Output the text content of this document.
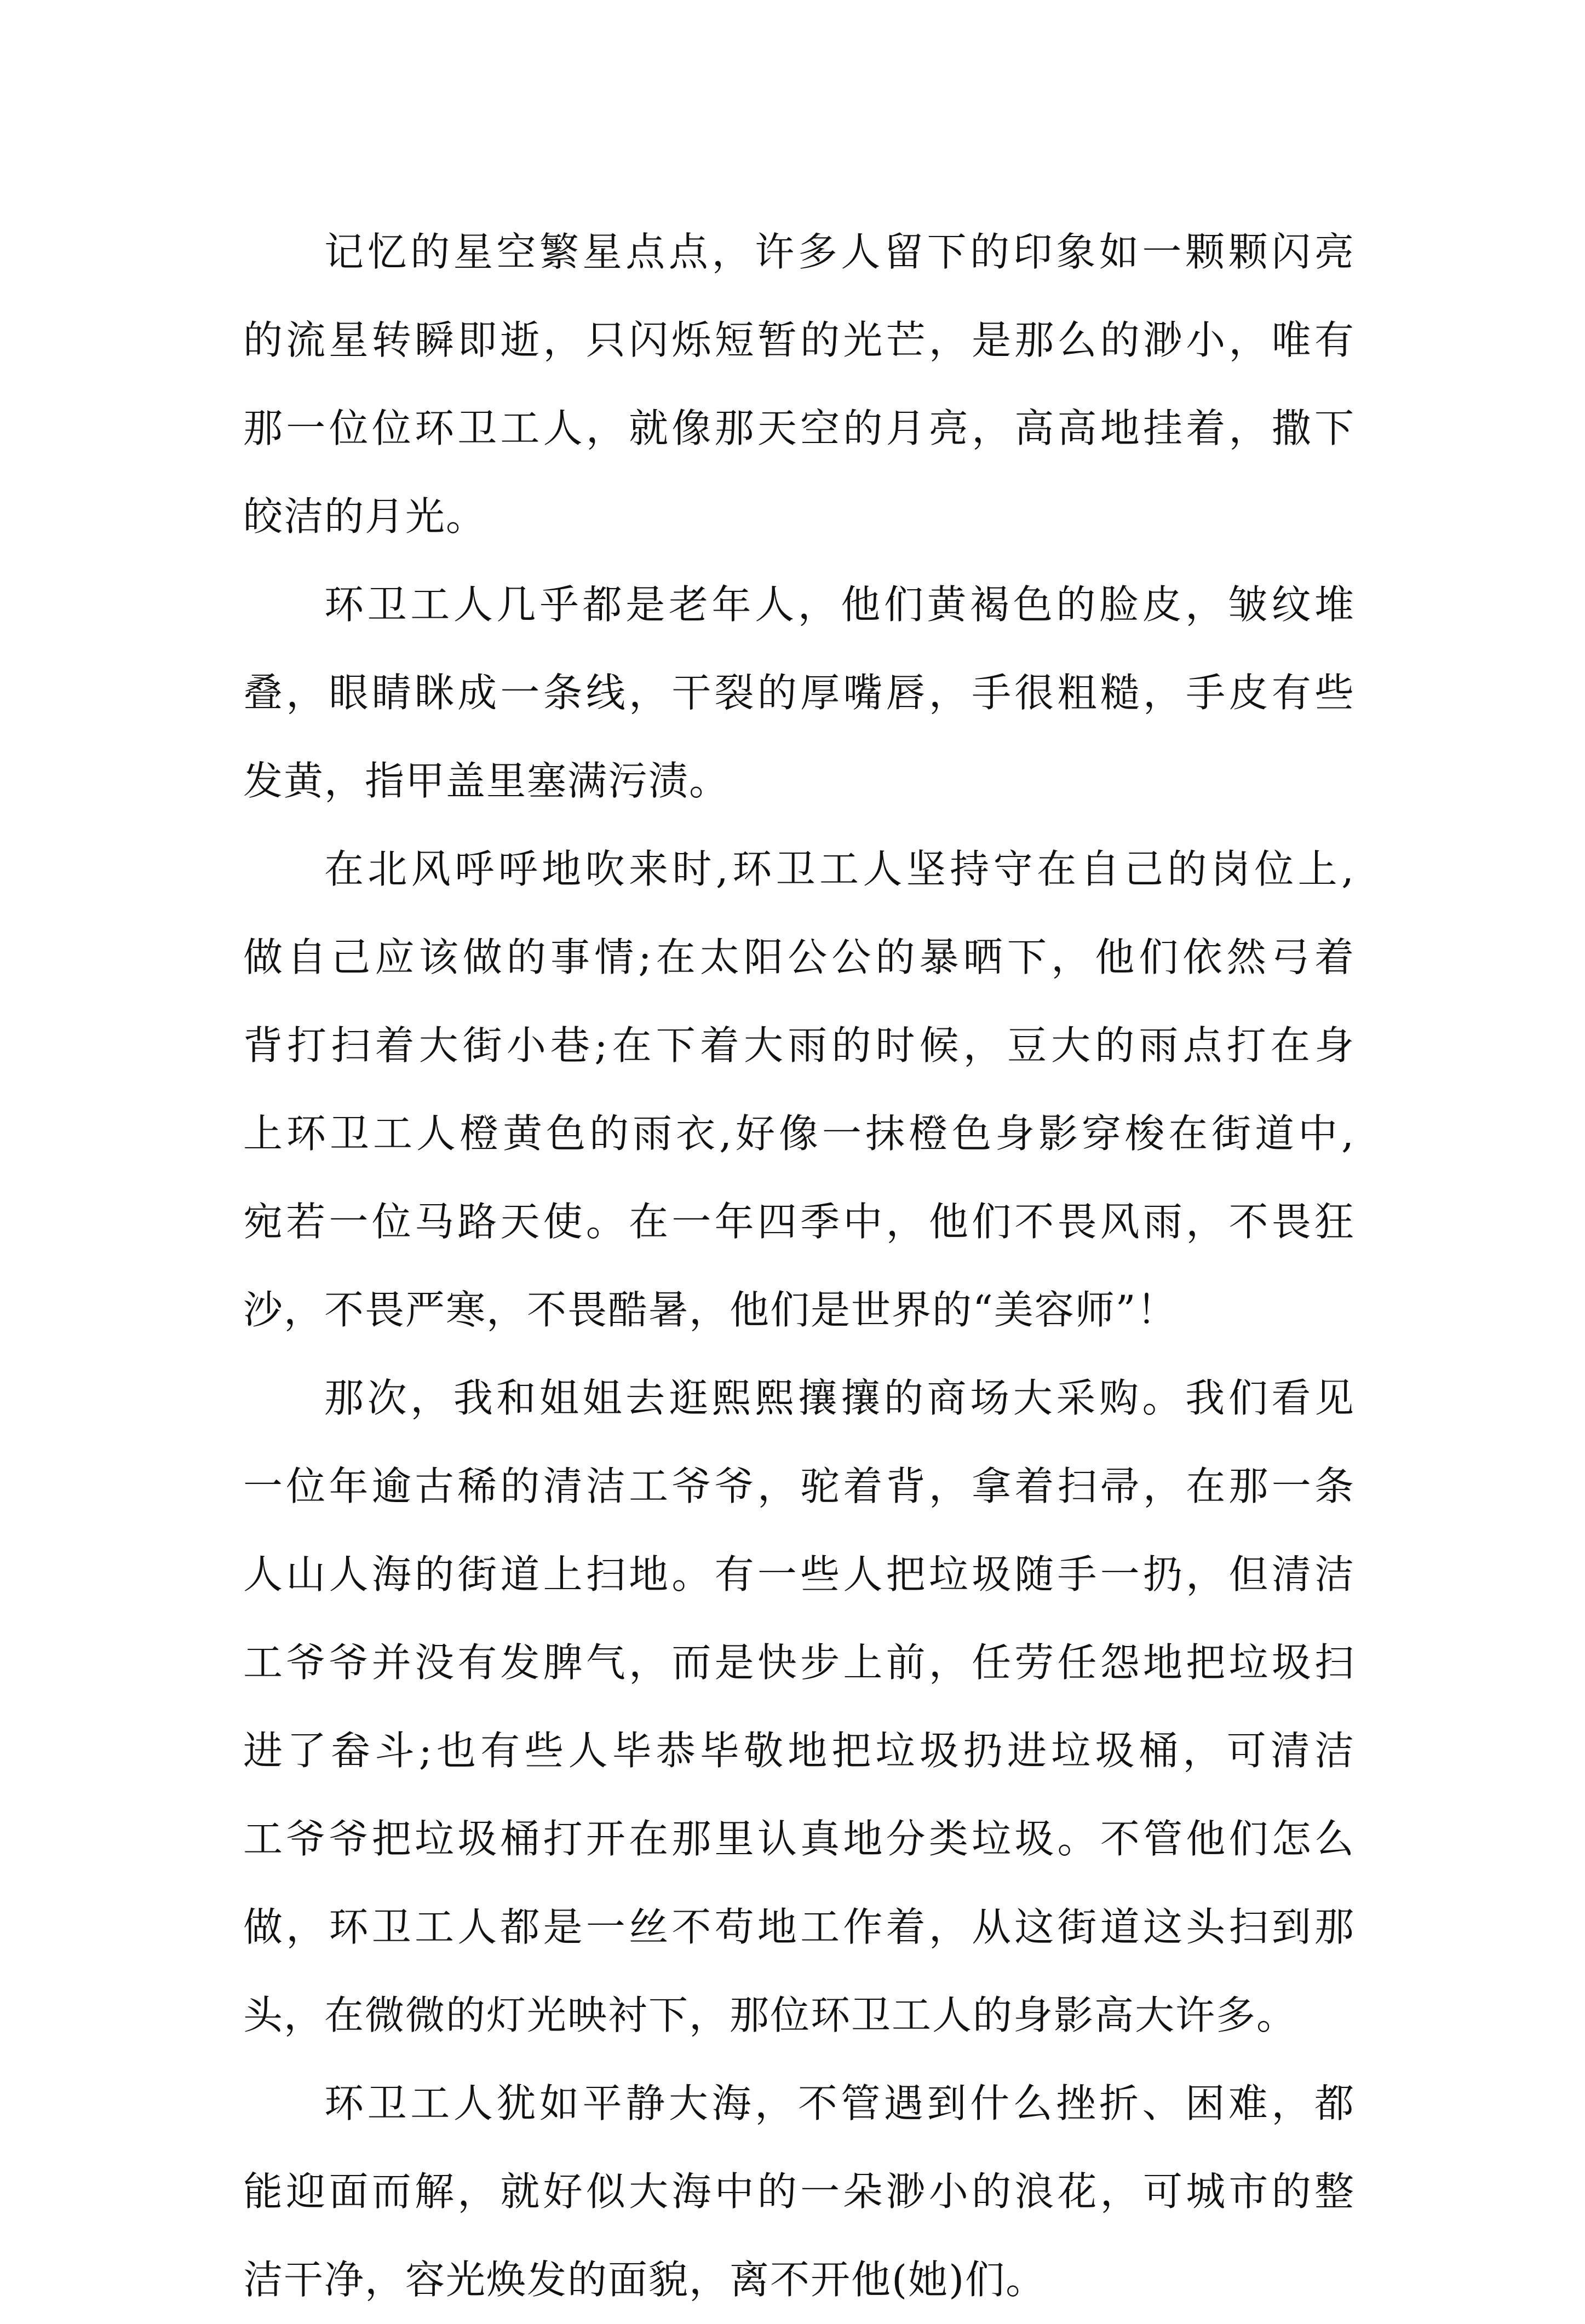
记忆的星空繁星点点，许多人留下的印象如一颗颗闪亮
的流星转瞬即逝，只闪烁短暂的光芒，是那么的渺小，唯有
那一位位环卫工人，就像那天空的月亮，高高地挂着，撒下
皎洁的月光。
环卫工人几乎都是老年人，他们黄褐色的脸皮，皱纹堆
叠，眼睛眯成一条线，干裂的厚嘴唇，手很粗糙，手皮有些
发黄，指甲盖里塞满污渍。
在北风呼呼地吹来时,环卫工人坚持守在自己的岗位上,
做自己应该做的事情;在太阳公公的暴晒下，他们依然弓着
背打扫着大街小巷;在下着大雨的时候，豆大的雨点打在身
上环卫工人橙黄色的雨衣,好像一抹橙色身影穿梭在街道中,
宛若一位马路天使。在一年四季中，他们不畏风雨，不畏狂
沙，不畏严寒，不畏酷暑，他们是世界的“美容师”！
那次，我和姐姐去逛熙熙攘攘的商场大采购。我们看见
一位年逾古稀的清洁工爷爷，驼着背，拿着扫帚，在那一条
人山人海的街道上扫地。有一些人把垃圾随手一扔，但清洁
工爷爷并没有发脾气，而是快步上前，任劳任怨地把垃圾扫
进了畚斗;也有些人毕恭毕敬地把垃圾扔进垃圾桶，可清洁
工爷爷把垃圾桶打开在那里认真地分类垃圾。不管他们怎么
做，环卫工人都是一丝不苟地工作着，从这街道这头扫到那
头，在微微的灯光映衬下，那位环卫工人的身影高大许多。
环卫工人犹如平静大海，不管遇到什么挫折、困难，都
能迎面而解，就好似大海中的一朵渺小的浪花，可城市的整
洁干净，容光焕发的面貌，离不开他(她)们。
